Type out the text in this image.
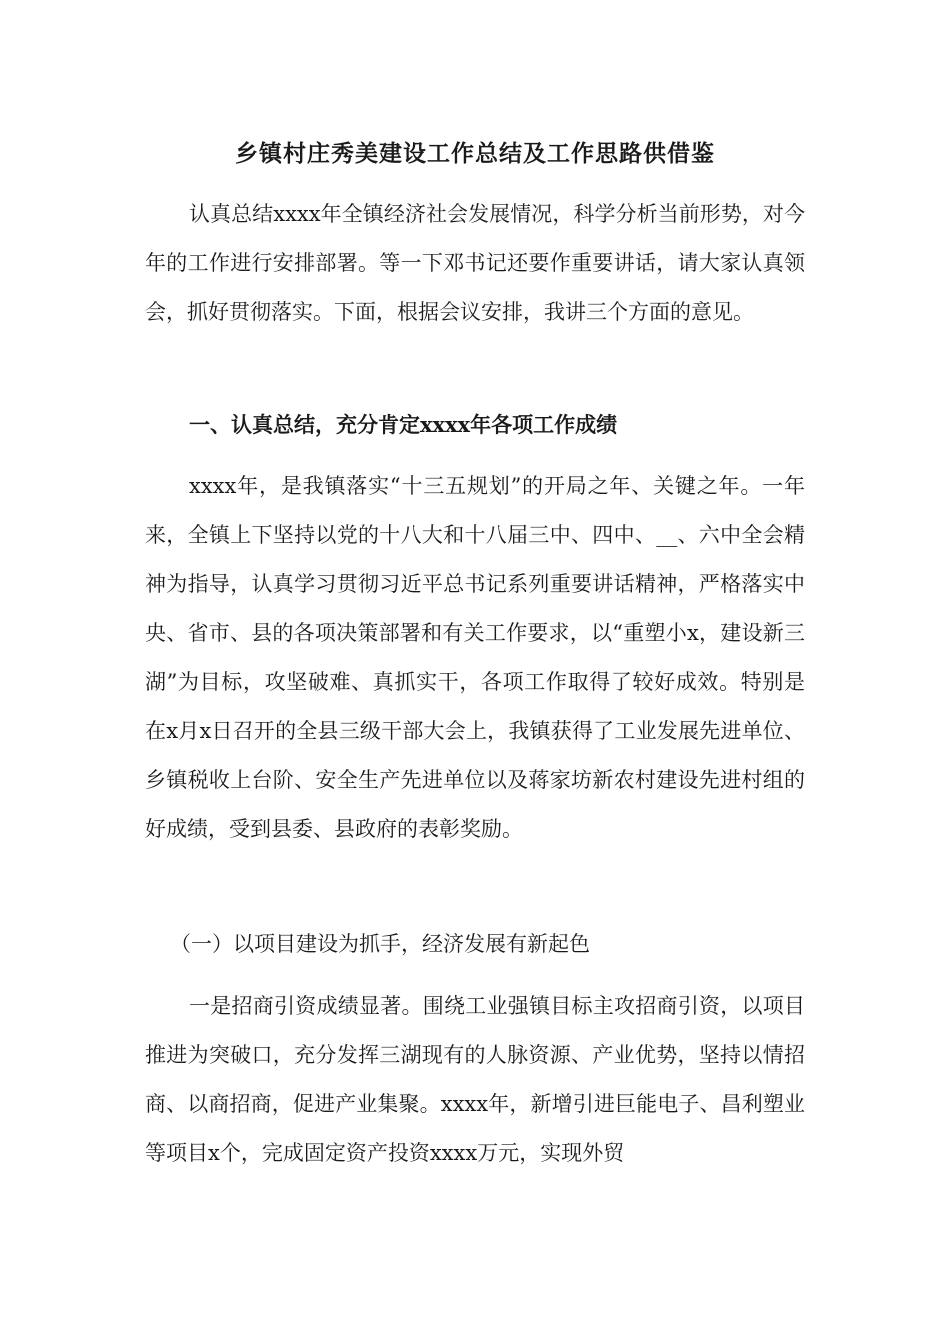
乡镇村庄秀美建设工作总结及工作思路供借鉴

认真总结xxxx年全镇经济社会发展情况，科学分析当前形势，对今年的工作进行安排部署。等一下邓书记还要作重要讲话，请大家认真领会，抓好贯彻落实。下面，根据会议安排，我讲三个方面的意见。

一、认真总结，充分肯定xxxx年各项工作成绩

xxxx年，是我镇落实“十三五规划”的开局之年、关键之年。一年来，全镇上下坚持以党的十八大和十八届三中、四中、__、六中全会精神为指导，认真学习贯彻习近平总书记系列重要讲话精神，严格落实中央、省市、县的各项决策部署和有关工作要求，以“重塑小x，建设新三湖”为目标，攻坚破难、真抓实干，各项工作取得了较好成效。特别是在x月x日召开的全县三级干部大会上，我镇获得了工业发展先进单位、乡镇税收上台阶、安全生产先进单位以及蒋家坊新农村建设先进村组的好成绩，受到县委、县政府的表彰奖励。

（一）以项目建设为抓手，经济发展有新起色

一是招商引资成绩显著。围绕工业强镇目标主攻招商引资，以项目推进为突破口，充分发挥三湖现有的人脉资源、产业优势，坚持以情招商、以商招商，促进产业集聚。xxxx年，新增引进巨能电子、昌利塑业等项目x个，完成固定资产投资xxxx万元，实现外贸
